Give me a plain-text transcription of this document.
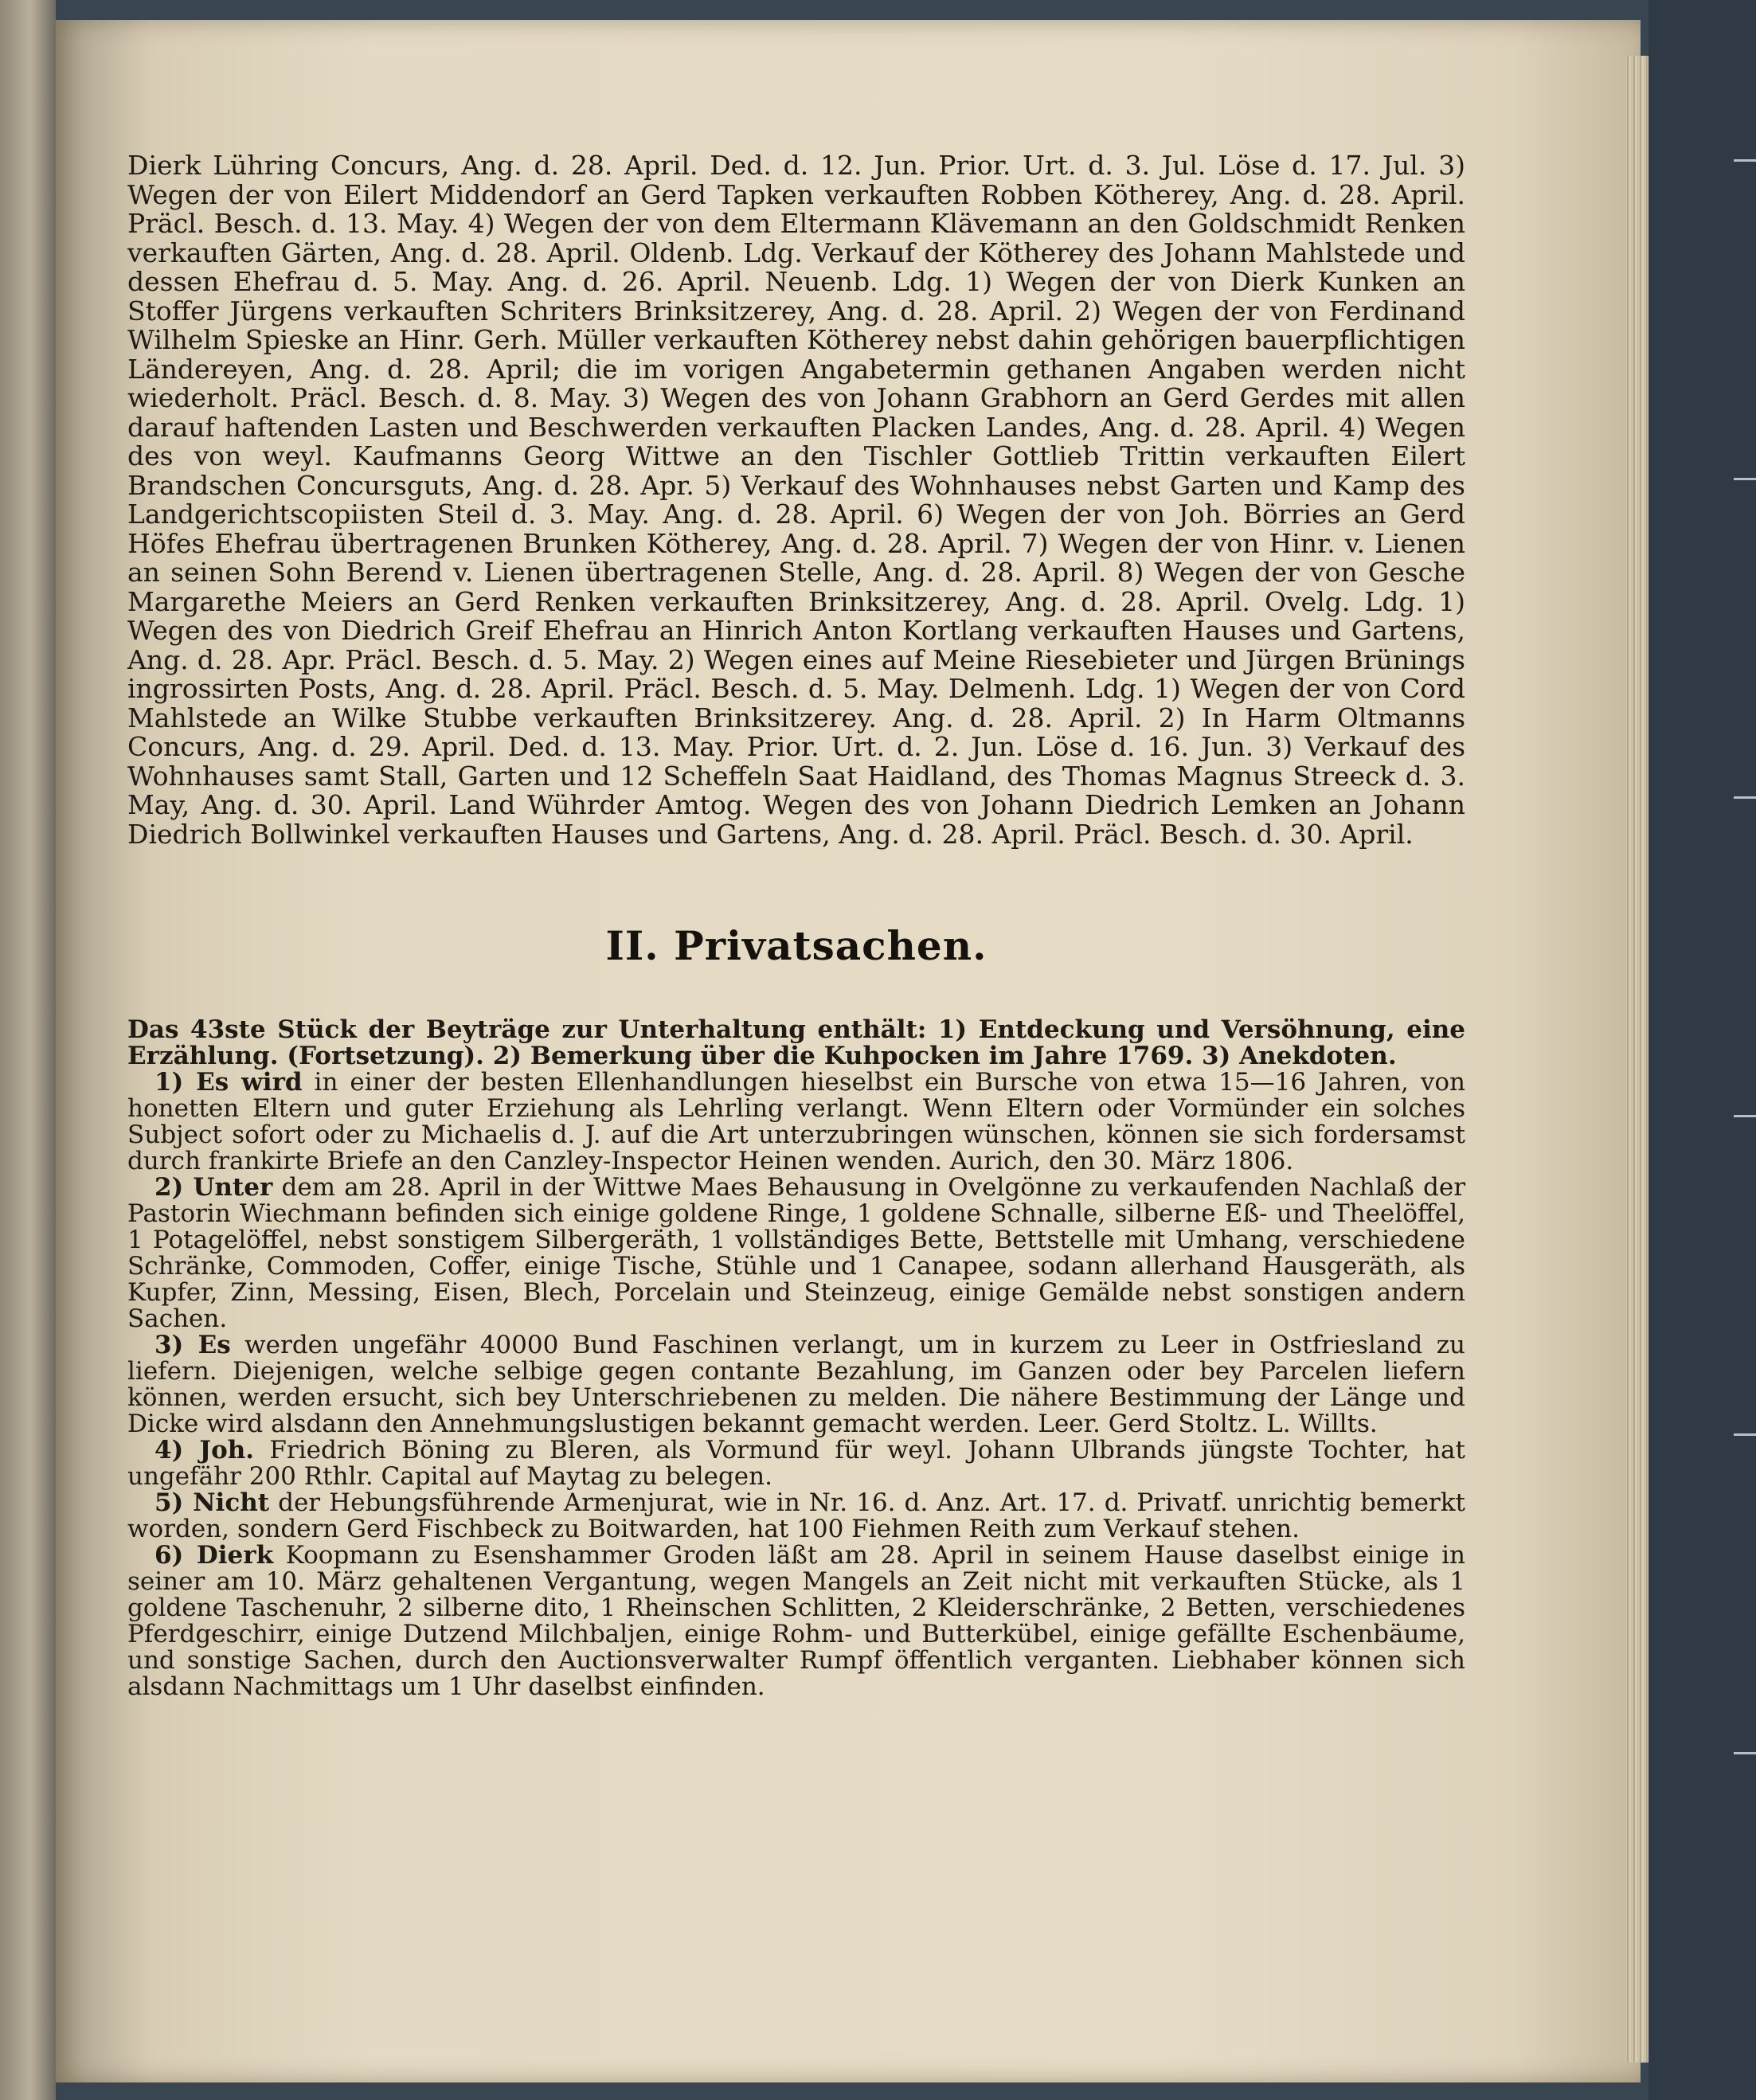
Dierk Lühring Concurs, Ang. d. 28. April. Ded. d. 12. Jun. Prior. Urt. d. 3. Jul. Löse d. 17. Jul. 3) Wegen der von Eilert Middendorf an Gerd Tapken verkauften Robben Kötherey, Ang. d. 28. April. Präcl. Besch. d. 13. May. 4) Wegen der von dem Eltermann Klävemann an den Goldschmidt Renken verkauften Gärten, Ang. d. 28. April. Oldenb. Ldg. Verkauf der Kötherey des Johann Mahlstede und dessen Ehefrau d. 5. May. Ang. d. 26. April. Neuenb. Ldg. 1) Wegen der von Dierk Kunken an Stoffer Jürgens verkauften Schriters Brinksitzerey, Ang. d. 28. April. 2) Wegen der von Ferdinand Wilhelm Spieske an Hinr. Gerh. Müller verkauften Kötherey nebst dahin gehörigen bauerpflichtigen Ländereyen, Ang. d. 28. April; die im vorigen Angabetermin gethanen Angaben werden nicht wiederholt. Präcl. Besch. d. 8. May. 3) Wegen des von Johann Grabhorn an Gerd Gerdes mit allen darauf haftenden Lasten und Beschwerden verkauften Placken Landes, Ang. d. 28. April. 4) Wegen des von weyl. Kaufmanns Georg Wittwe an den Tischler Gottlieb Trittin verkauften Eilert Brandschen Concursguts, Ang. d. 28. Apr. 5) Verkauf des Wohnhauses nebst Garten und Kamp des Landgerichtscopiisten Steil d. 3. May. Ang. d. 28. April. 6) Wegen der von Joh. Börries an Gerd Höfes Ehefrau übertragenen Brunken Kötherey, Ang. d. 28. April. 7) Wegen der von Hinr. v. Lienen an seinen Sohn Berend v. Lienen übertragenen Stelle, Ang. d. 28. April. 8) Wegen der von Gesche Margarethe Meiers an Gerd Renken verkauften Brinksitzerey, Ang. d. 28. April. Ovelg. Ldg. 1) Wegen des von Diedrich Greif Ehefrau an Hinrich Anton Kortlang verkauften Hauses und Gartens, Ang. d. 28. Apr. Präcl. Besch. d. 5. May. 2) Wegen eines auf Meine Riesebieter und Jürgen Brünings ingrossirten Posts, Ang. d. 28. April. Präcl. Besch. d. 5. May. Delmenh. Ldg. 1) Wegen der von Cord Mahlstede an Wilke Stubbe verkauften Brinksitzerey. Ang. d. 28. April. 2) In Harm Oltmanns Concurs, Ang. d. 29. April. Ded. d. 13. May. Prior. Urt. d. 2. Jun. Löse d. 16. Jun. 3) Verkauf des Wohnhauses samt Stall, Garten und 12 Scheffeln Saat Haidland, des Thomas Magnus Streeck d. 3. May, Ang. d. 30. April. Land Wührder Amtog. Wegen des von Johann Diedrich Lemken an Johann Diedrich Bollwinkel verkauften Hauses und Gartens, Ang. d. 28. April. Präcl. Besch. d. 30. April.

II. Privatsachen.

Das 43ste Stück der Beyträge zur Unterhaltung enthält: 1) Entdeckung und Versöhnung, eine Erzählung. (Fortsetzung). 2) Bemerkung über die Kuhpocken im Jahre 1769. 3) Anekdoten.

1) Es wird in einer der besten Ellenhandlungen hieselbst ein Bursche von etwa 15—16 Jahren, von honetten Eltern und guter Erziehung als Lehrling verlangt. Wenn Eltern oder Vormünder ein solches Subject sofort oder zu Michaelis d. J. auf die Art unterzubringen wünschen, können sie sich fordersamst durch frankirte Briefe an den Canzley-Inspector Heinen wenden. Aurich, den 30. März 1806.

2) Unter dem am 28. April in der Wittwe Maes Behausung in Ovelgönne zu verkaufenden Nachlaß der Pastorin Wiechmann befinden sich einige goldene Ringe, 1 goldene Schnalle, silberne Eß- und Theelöffel, 1 Potagelöffel, nebst sonstigem Silbergeräth, 1 vollständiges Bette, Bettstelle mit Umhang, verschiedene Schränke, Commoden, Coffer, einige Tische, Stühle und 1 Canapee, sodann allerhand Hausgeräth, als Kupfer, Zinn, Messing, Eisen, Blech, Porcelain und Steinzeug, einige Gemälde nebst sonstigen andern Sachen.

3) Es werden ungefähr 40000 Bund Faschinen verlangt, um in kurzem zu Leer in Ostfriesland zu liefern. Diejenigen, welche selbige gegen contante Bezahlung, im Ganzen oder bey Parcelen liefern können, werden ersucht, sich bey Unterschriebenen zu melden. Die nähere Bestimmung der Länge und Dicke wird alsdann den Annehmungslustigen bekannt gemacht werden. Leer. Gerd Stoltz. L. Willts.

4) Joh. Friedrich Böning zu Bleren, als Vormund für weyl. Johann Ulbrands jüngste Tochter, hat ungefähr 200 Rthlr. Capital auf Maytag zu belegen.

5) Nicht der Hebungsführende Armenjurat, wie in Nr. 16. d. Anz. Art. 17. d. Privatf. unrichtig bemerkt worden, sondern Gerd Fischbeck zu Boitwarden, hat 100 Fiehmen Reith zum Verkauf stehen.

6) Dierk Koopmann zu Esenshammer Groden läßt am 28. April in seinem Hause daselbst einige in seiner am 10. März gehaltenen Vergantung, wegen Mangels an Zeit nicht mit verkauften Stücke, als 1 goldene Taschenuhr, 2 silberne dito, 1 Rheinschen Schlitten, 2 Kleiderschränke, 2 Betten, verschiedenes Pferdgeschirr, einige Dutzend Milchbaljen, einige Rohm- und Butterkübel, einige gefällte Eschenbäume, und sonstige Sachen, durch den Auctionsverwalter Rumpf öffentlich verganten. Liebhaber können sich alsdann Nachmittags um 1 Uhr daselbst einfinden.
